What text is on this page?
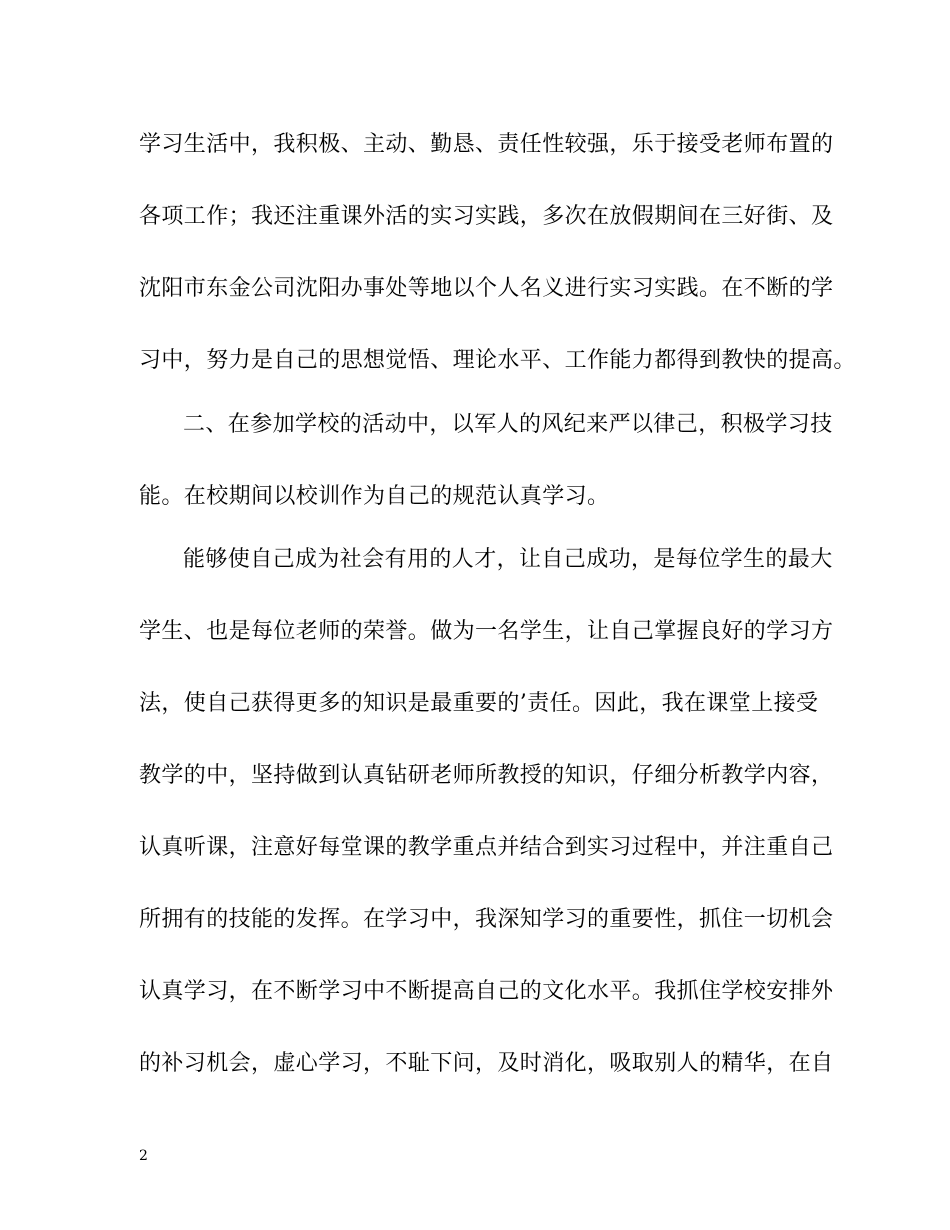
学习生活中，我积极、主动、勤恳、责任性较强，乐于接受老师布置的
各项工作；我还注重课外活的实习实践，多次在放假期间在三好街、及
沈阳市东金公司沈阳办事处等地以个人名义进行实习实践。在不断的学
习中，努力是自己的思想觉悟、理论水平、工作能力都得到教快的提高。
二、在参加学校的活动中，以军人的风纪来严以律己，积极学习技
能。在校期间以校训作为自己的规范认真学习。
能够使自己成为社会有用的人才，让自己成功，是每位学生的最大
学生、也是每位老师的荣誉。做为一名学生，让自己掌握良好的学习方
法，使自己获得更多的知识是最重要的’责任。因此，我在课堂上接受
教学的中，坚持做到认真钻研老师所教授的知识，仔细分析教学内容，
认真听课，注意好每堂课的教学重点并结合到实习过程中，并注重自己
所拥有的技能的发挥。在学习中，我深知学习的重要性，抓住一切机会
认真学习，在不断学习中不断提高自己的文化水平。我抓住学校安排外
的补习机会，虚心学习，不耻下问，及时消化，吸取别人的精华，在自
2
